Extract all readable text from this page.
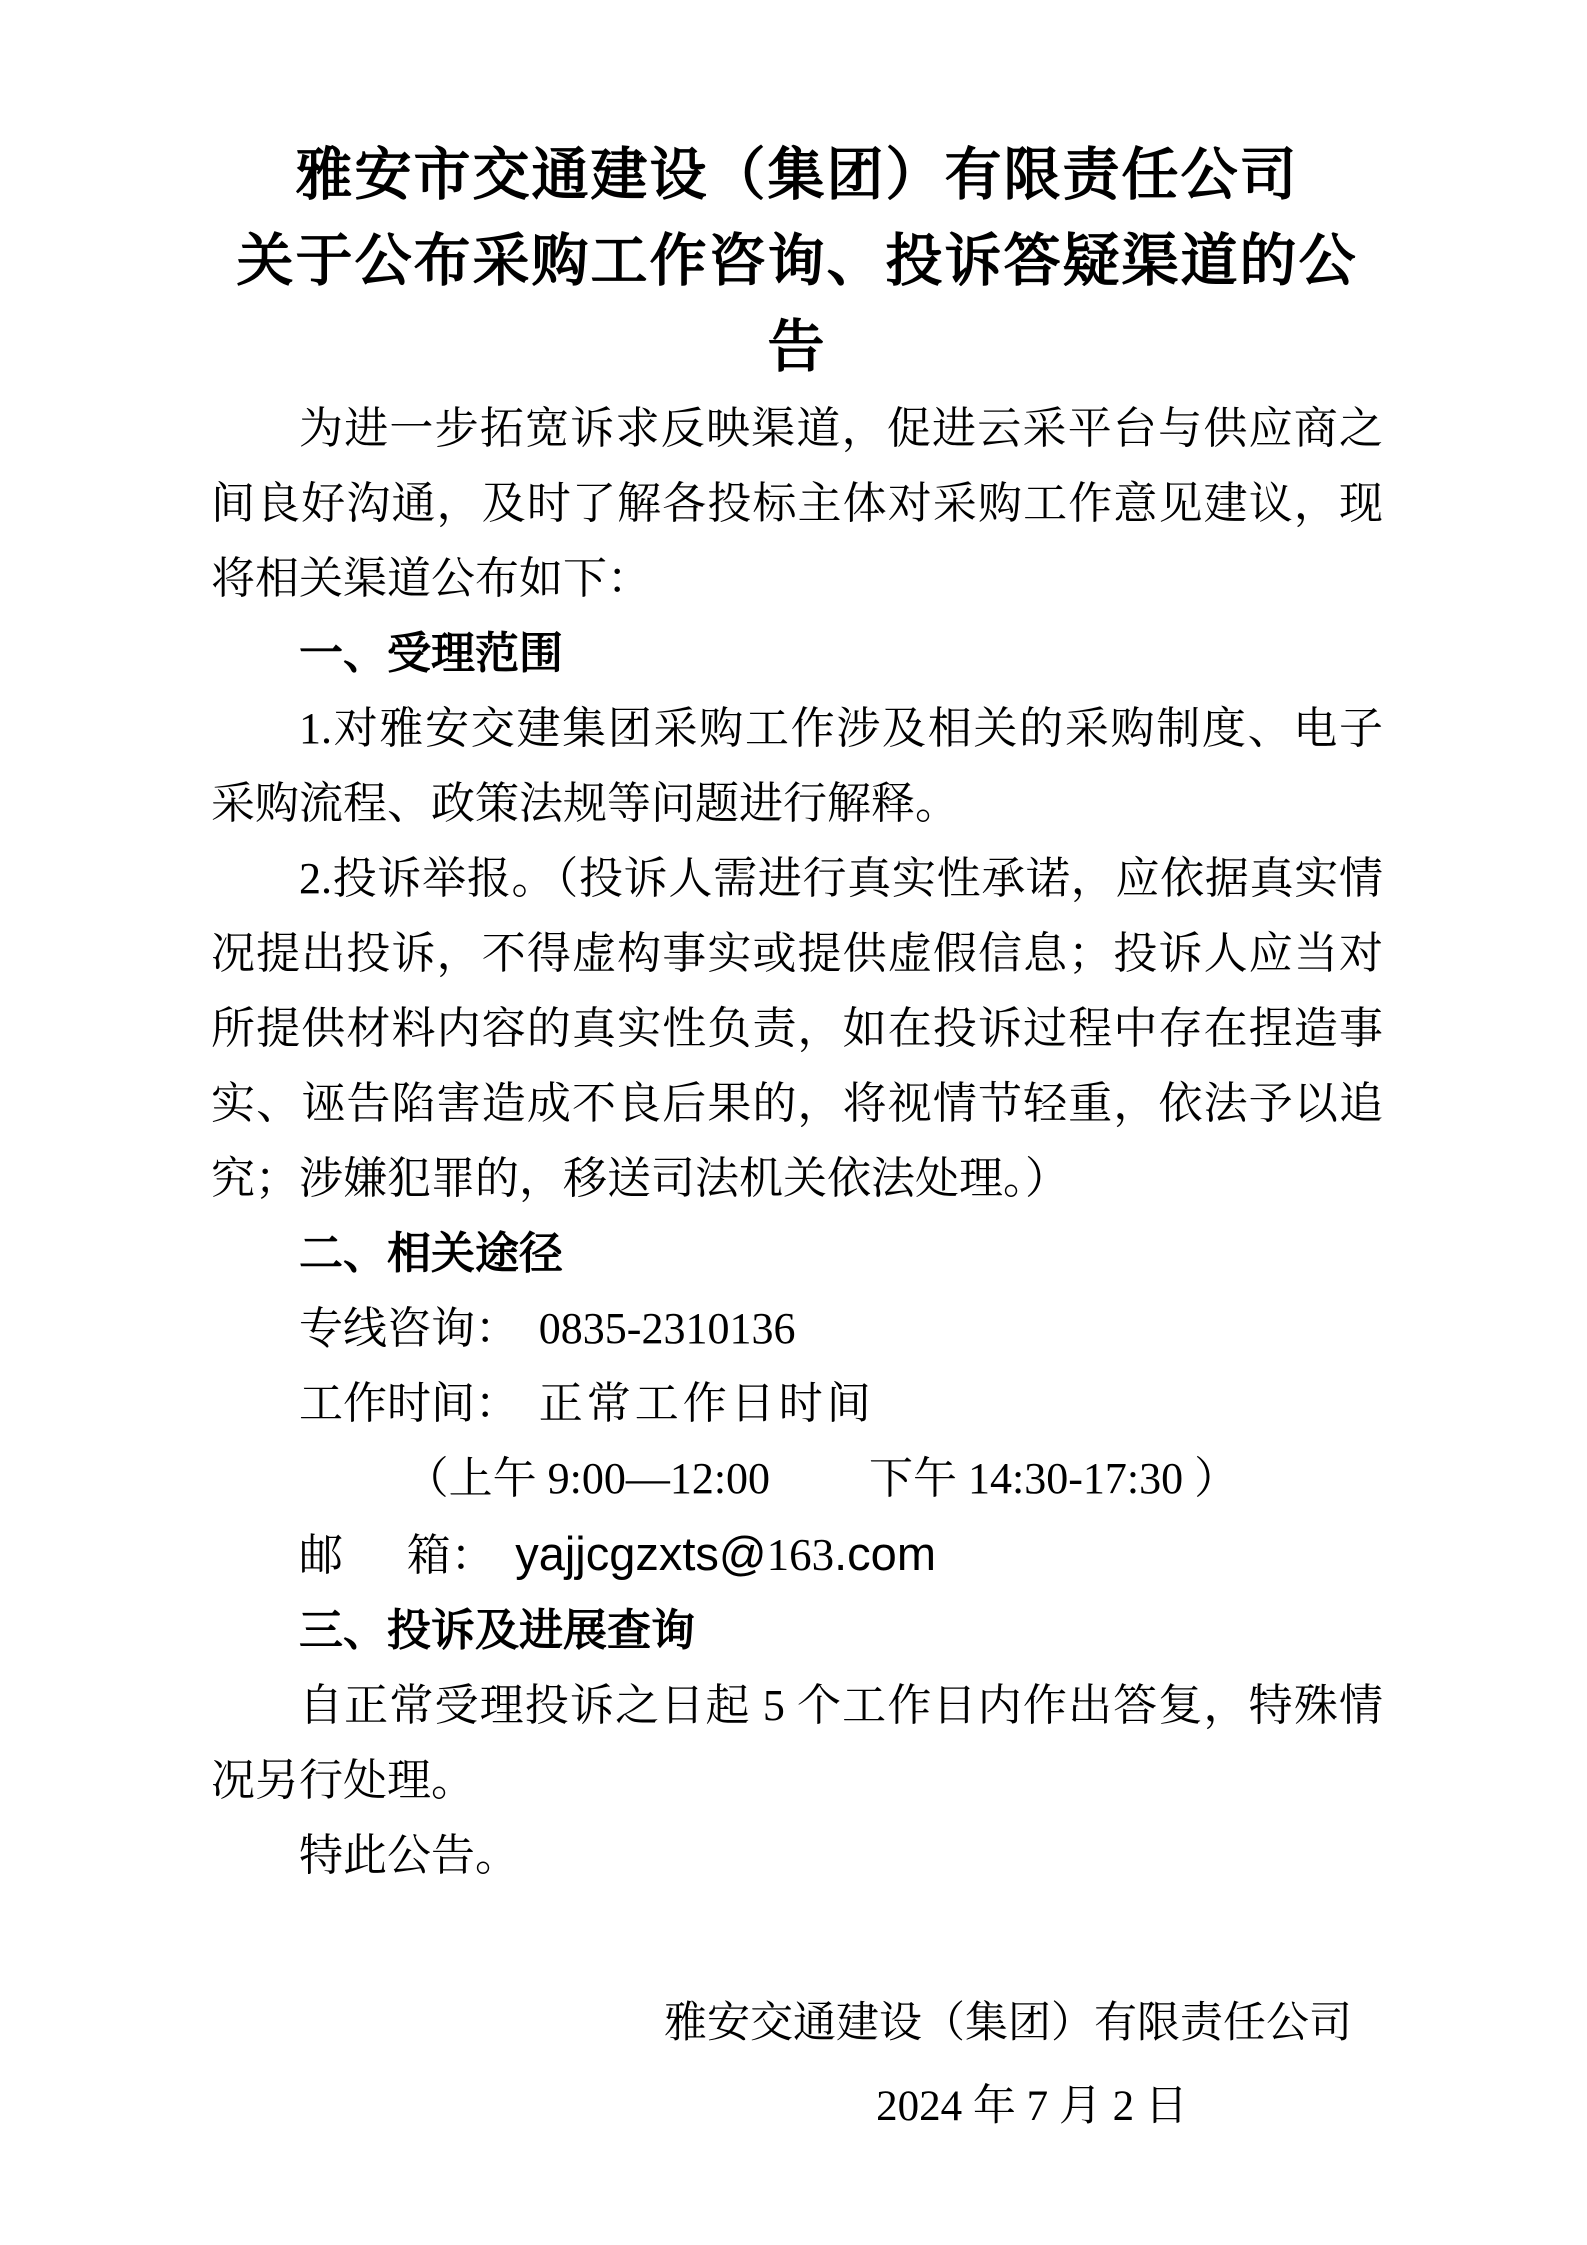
雅安市交通建设（集团）有限责任公司
关于公布采购工作咨询、投诉答疑渠道的公告

为进一步拓宽诉求反映渠道，促进云采平台与供应商之间良好沟通，及时了解各投标主体对采购工作意见建议，现将相关渠道公布如下：

一、受理范围

1.对雅安交建集团采购工作涉及相关的采购制度、电子采购流程、政策法规等问题进行解释。

2.投诉举报。（投诉人需进行真实性承诺，应依据真实情况提出投诉，不得虚构事实或提供虚假信息；投诉人应当对所提供材料内容的真实性负责，如在投诉过程中存在捏造事实、诬告陷害造成不良后果的，将视情节轻重，依法予以追究；涉嫌犯罪的，移送司法机关依法处理。）

二、相关途径

专线咨询： 0835-2310136

工作时间： 正常工作日时间

（上午 9:00—12:00 下午 14:30-17:30 ）

邮 箱： yajjcgzxts@163.com

三、投诉及进展查询

自正常受理投诉之日起 5 个工作日内作出答复，特殊情况另行处理。

特此公告。

雅安交通建设（集团）有限责任公司
2024 年 7 月 2 日
